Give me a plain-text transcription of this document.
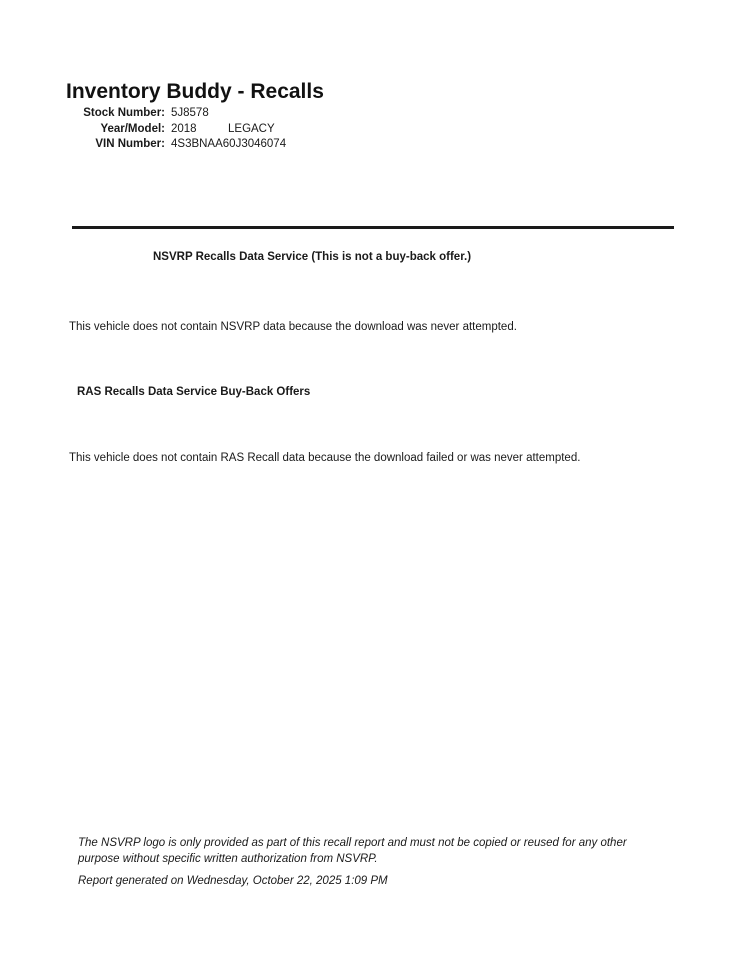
Inventory Buddy - Recalls
Stock Number: 5J8578
Year/Model: 2018	LEGACY
VIN Number: 4S3BNAA60J3046074
NSVRP Recalls Data Service (This is not a buy-back offer.)
This vehicle does not contain NSVRP data because the download was never attempted.
RAS Recalls Data Service Buy-Back Offers
This vehicle does not contain RAS Recall data because the download failed or was never attempted.

The NSVRP logo is only provided as part of this recall report and must not be copied or reused for any other
purpose without specific written authorization from NSVRP.

Report generated on Wednesday, October 22, 2025 1:09 PM
